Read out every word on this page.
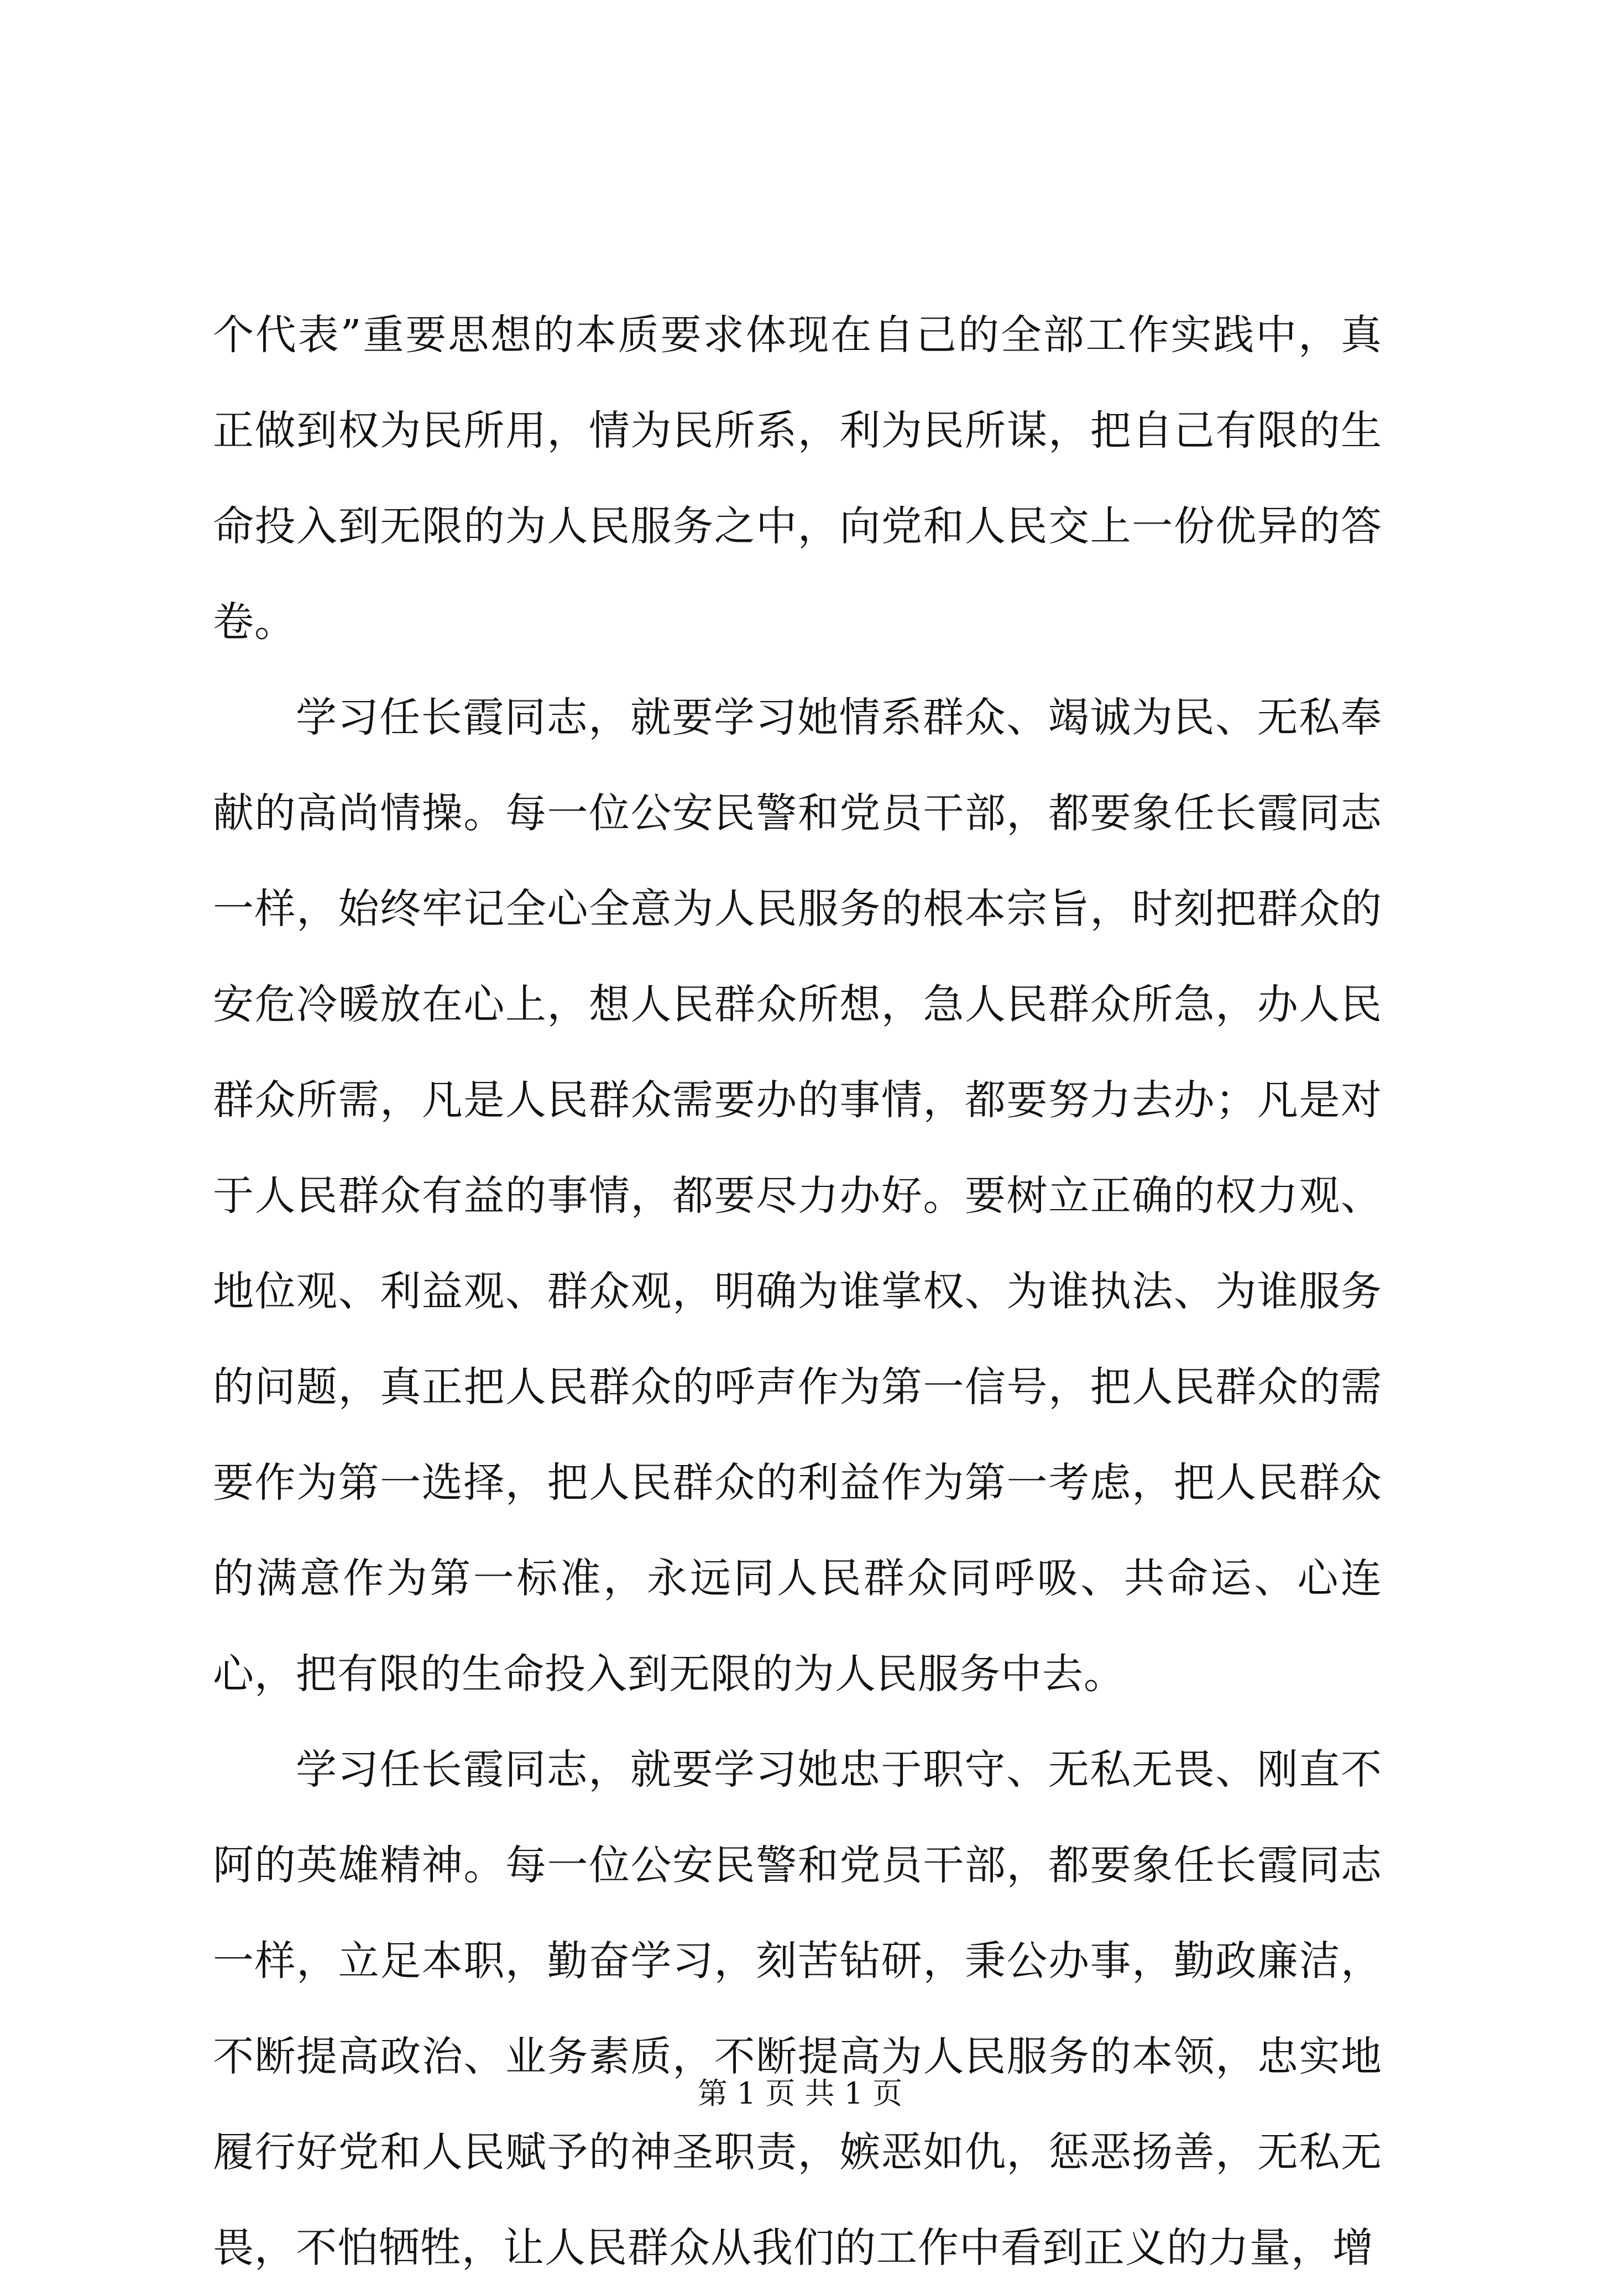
个代表”重要思想的本质要求体现在自己的全部工作实践中，真正做到权为民所用，情为民所系，利为民所谋，把自己有限的生命投入到无限的为人民服务之中，向党和人民交上一份优异的答卷。

学习任长霞同志，就要学习她情系群众、竭诚为民、无私奉献的高尚情操。每一位公安民警和党员干部，都要象任长霞同志一样，始终牢记全心全意为人民服务的根本宗旨，时刻把群众的安危冷暖放在心上，想人民群众所想，急人民群众所急，办人民群众所需，凡是人民群众需要办的事情，都要努力去办；凡是对于人民群众有益的事情，都要尽力办好。要树立正确的权力观、地位观、利益观、群众观，明确为谁掌权、为谁执法、为谁服务的问题，真正把人民群众的呼声作为第一信号，把人民群众的需要作为第一选择，把人民群众的利益作为第一考虑，把人民群众的满意作为第一标准，永远同人民群众同呼吸、共命运、心连心，把有限的生命投入到无限的为人民服务中去。

学习任长霞同志，就要学习她忠于职守、无私无畏、刚直不阿的英雄精神。每一位公安民警和党员干部，都要象任长霞同志一样，立足本职，勤奋学习，刻苦钻研，秉公办事，勤政廉洁，不断提高政治、业务素质，不断提高为人民服务的本领，忠实地履行好党和人民赋予的神圣职责，嫉恶如仇，惩恶扬善，无私无畏，不怕牺牲，让人民群众从我们的工作中看到正义的力量，增

第 1 页 共 1 页
